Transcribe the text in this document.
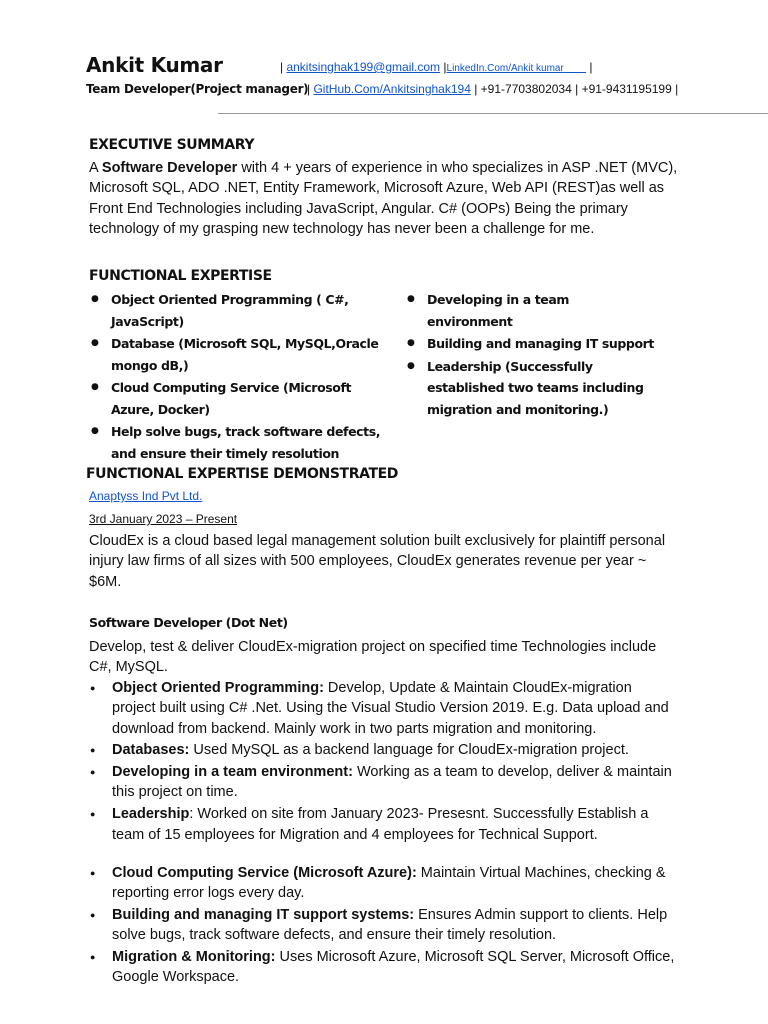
Ankit Kumar
Team Developer(Project manager)
| ankitsinghak199@gmail.com |LinkedIn.Com/Ankit kumar |
| GitHub.Com/Ankitsinghak194 | +91-7703802034 | +91-9431195199 |
EXECUTIVE SUMMARY
A Software Developer with 4 + years of experience in who specializes in ASP .NET (MVC), Microsoft SQL, ADO .NET, Entity Framework, Microsoft Azure, Web API (REST)as well as Front End Technologies including JavaScript, Angular. C# (OOPs) Being the primary technology of my grasping new technology has never been a challenge for me.
FUNCTIONAL EXPERTISE
● Object Oriented Programming ( C#, JavaScript)
● Database (Microsoft SQL, MySQL,Oracle mongo dB,)
● Cloud Computing Service (Microsoft Azure, Docker)
● Help solve bugs, track software defects, and ensure their timely resolution
● Developing in a team environment
● Building and managing IT support
● Leadership (Successfully established two teams including migration and monitoring.)
FUNCTIONAL EXPERTISE DEMONSTRATED
Anaptyss Ind Pvt Ltd.
3rd January 2023 – Present
CloudEx is a cloud based legal management solution built exclusively for plaintiff personal injury law firms of all sizes with 500 employees, CloudEx generates revenue per year ~ $6M.
Software Developer (Dot Net)
Develop, test & deliver CloudEx-migration project on specified time Technologies include C#, MySQL.
● Object Oriented Programming: Develop, Update & Maintain CloudEx-migration project built using C# .Net. Using the Visual Studio Version 2019. E.g. Data upload and download from backend. Mainly work in two parts migration and monitoring.
● Databases: Used MySQL as a backend language for CloudEx-migration project.
● Developing in a team environment: Working as a team to develop, deliver & maintain this project on time.
● Leadership: Worked on site from January 2023- Presesnt. Successfully Establish a team of 15 employees for Migration and 4 employees for Technical Support.
● Cloud Computing Service (Microsoft Azure): Maintain Virtual Machines, checking & reporting error logs every day.
● Building and managing IT support systems: Ensures Admin support to clients. Help solve bugs, track software defects, and ensure their timely resolution.
● Migration & Monitoring: Uses Microsoft Azure, Microsoft SQL Server, Microsoft Office, Google Workspace.
